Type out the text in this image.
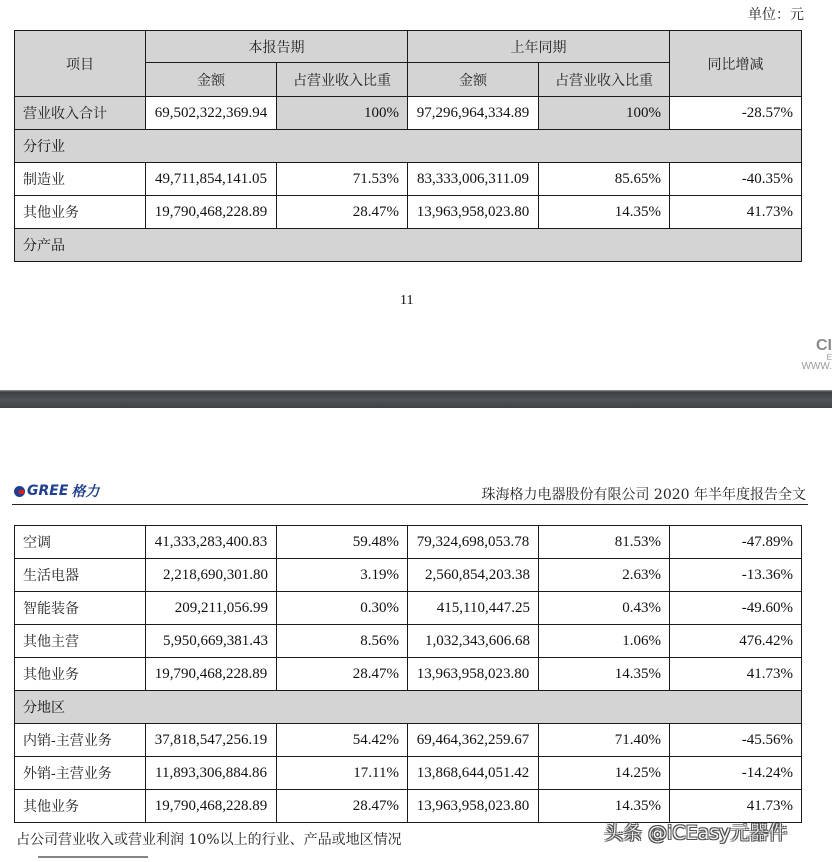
单位：元
项目	本报告期		上年同期		同比增减
	金额	占营业收入比重	金额	占营业收入比重	
营业收入合计	69,502,322,369.94	100%	97,296,964,334.89	100%	-28.57%
分行业					
制造业	49,711,854,141.05	71.53%	83,333,006,311.09	85.65%	-40.35%
其他业务	19,790,468,228.89	28.47%	13,963,958,023.80	14.35%	41.73%
分产品					
11
CI
E
WWW.
GREE 格力	珠海格力电器股份有限公司 2020 年半年度报告全文
空调	41,333,283,400.83	59.48%	79,324,698,053.78	81.53%	-47.89%
生活电器	2,218,690,301.80	3.19%	2,560,854,203.38	2.63%	-13.36%
智能装备	209,211,056.99	0.30%	415,110,447.25	0.43%	-49.60%
其他主营	5,950,669,381.43	8.56%	1,032,343,606.68	1.06%	476.42%
其他业务	19,790,468,228.89	28.47%	13,963,958,023.80	14.35%	41.73%
分地区					
内销-主营业务	37,818,547,256.19	54.42%	69,464,362,259.67	71.40%	-45.56%
外销-主营业务	11,893,306,884.86	17.11%	13,868,644,051.42	14.25%	-14.24%
其他业务	19,790,468,228.89	28.47%	13,963,958,023.80	14.35%	41.73%
占公司营业收入或营业利润 10%以上的行业、产品或地区情况	头条 @iCEasy元器件
